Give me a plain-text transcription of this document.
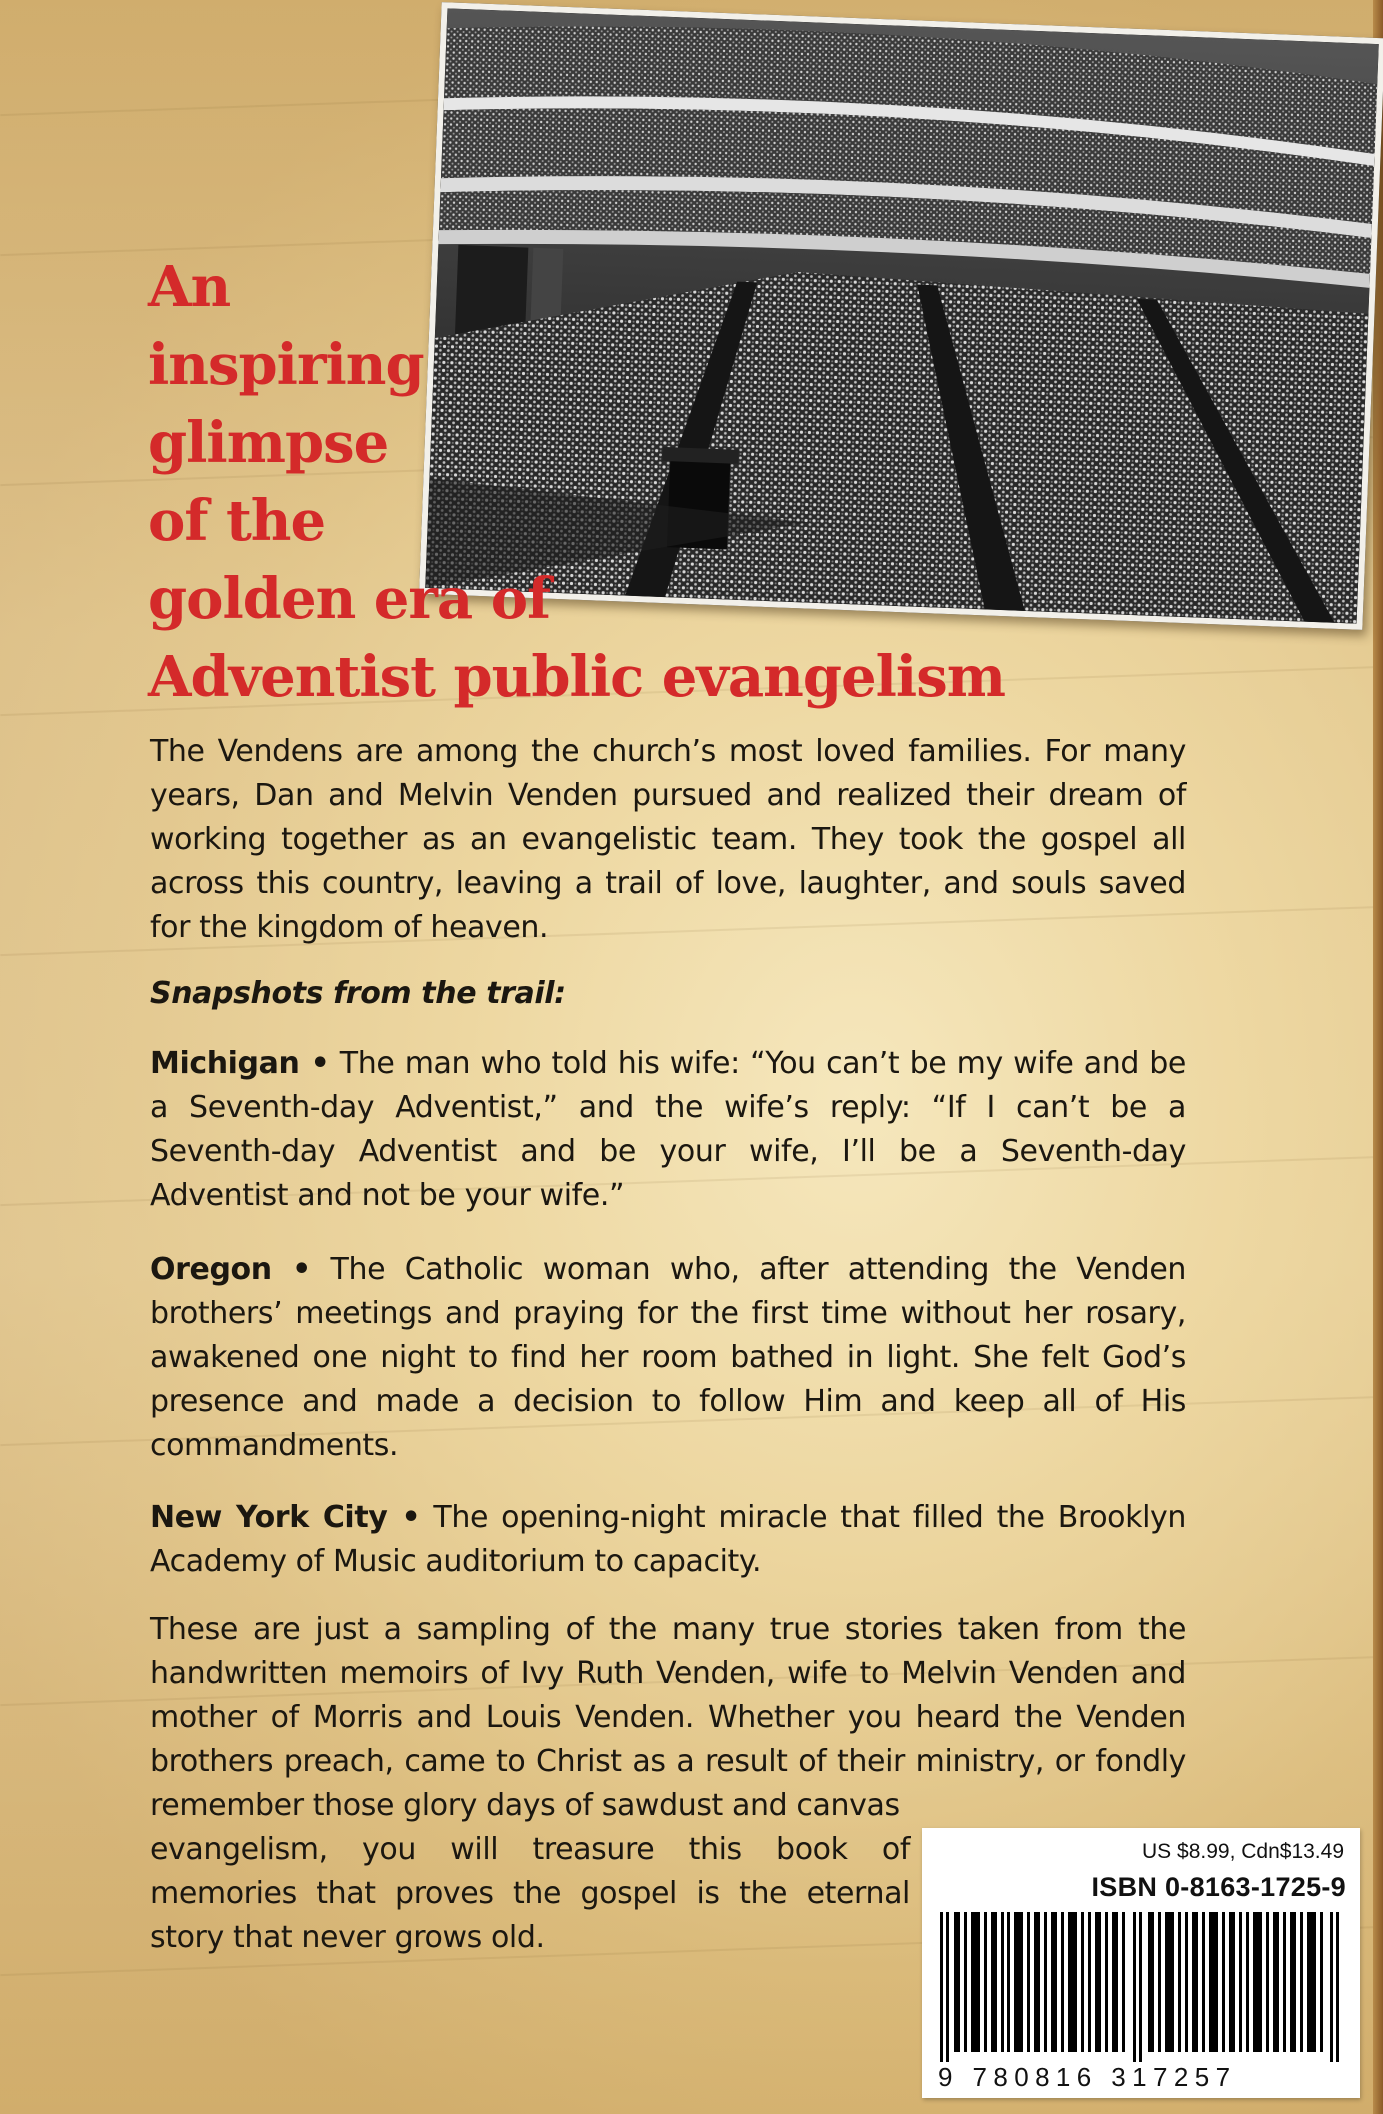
An
inspiring
glimpse
of the
golden era of
Adventist public evangelism
The Vendens are among the church’s most loved families. For many years, Dan and Melvin Venden pursued and realized their dream of working together as an evangelistic team. They took the gospel all across this country, leaving a trail of love, laughter, and souls saved for the kingdom of heaven.
Snapshots from the trail:
Michigan • The man who told his wife: “You can’t be my wife and be a Seventh-day Adventist,” and the wife’s reply: “If I can’t be a Seventh-day Adventist and be your wife, I’ll be a Seventh-day Adventist and not be your wife.”
Oregon • The Catholic woman who, after attending the Venden brothers’ meetings and praying for the first time without her rosary, awakened one night to find her room bathed in light. She felt God’s presence and made a decision to follow Him and keep all of His commandments.
New York City • The opening-night miracle that filled the Brooklyn Academy of Music auditorium to capacity.
These are just a sampling of the many true stories taken from the handwritten memoirs of Ivy Ruth Venden, wife to Melvin Venden and mother of Morris and Louis Venden. Whether you heard the Venden brothers preach, came to Christ as a result of their ministry, or fondly remember those glory days of sawdust and canvas
evangelism, you will treasure this book of memories that proves the gospel is the eternal story that never grows old.
US $8.99, Cdn$13.49
ISBN 0-8163-1725-9
9 780816 317257
